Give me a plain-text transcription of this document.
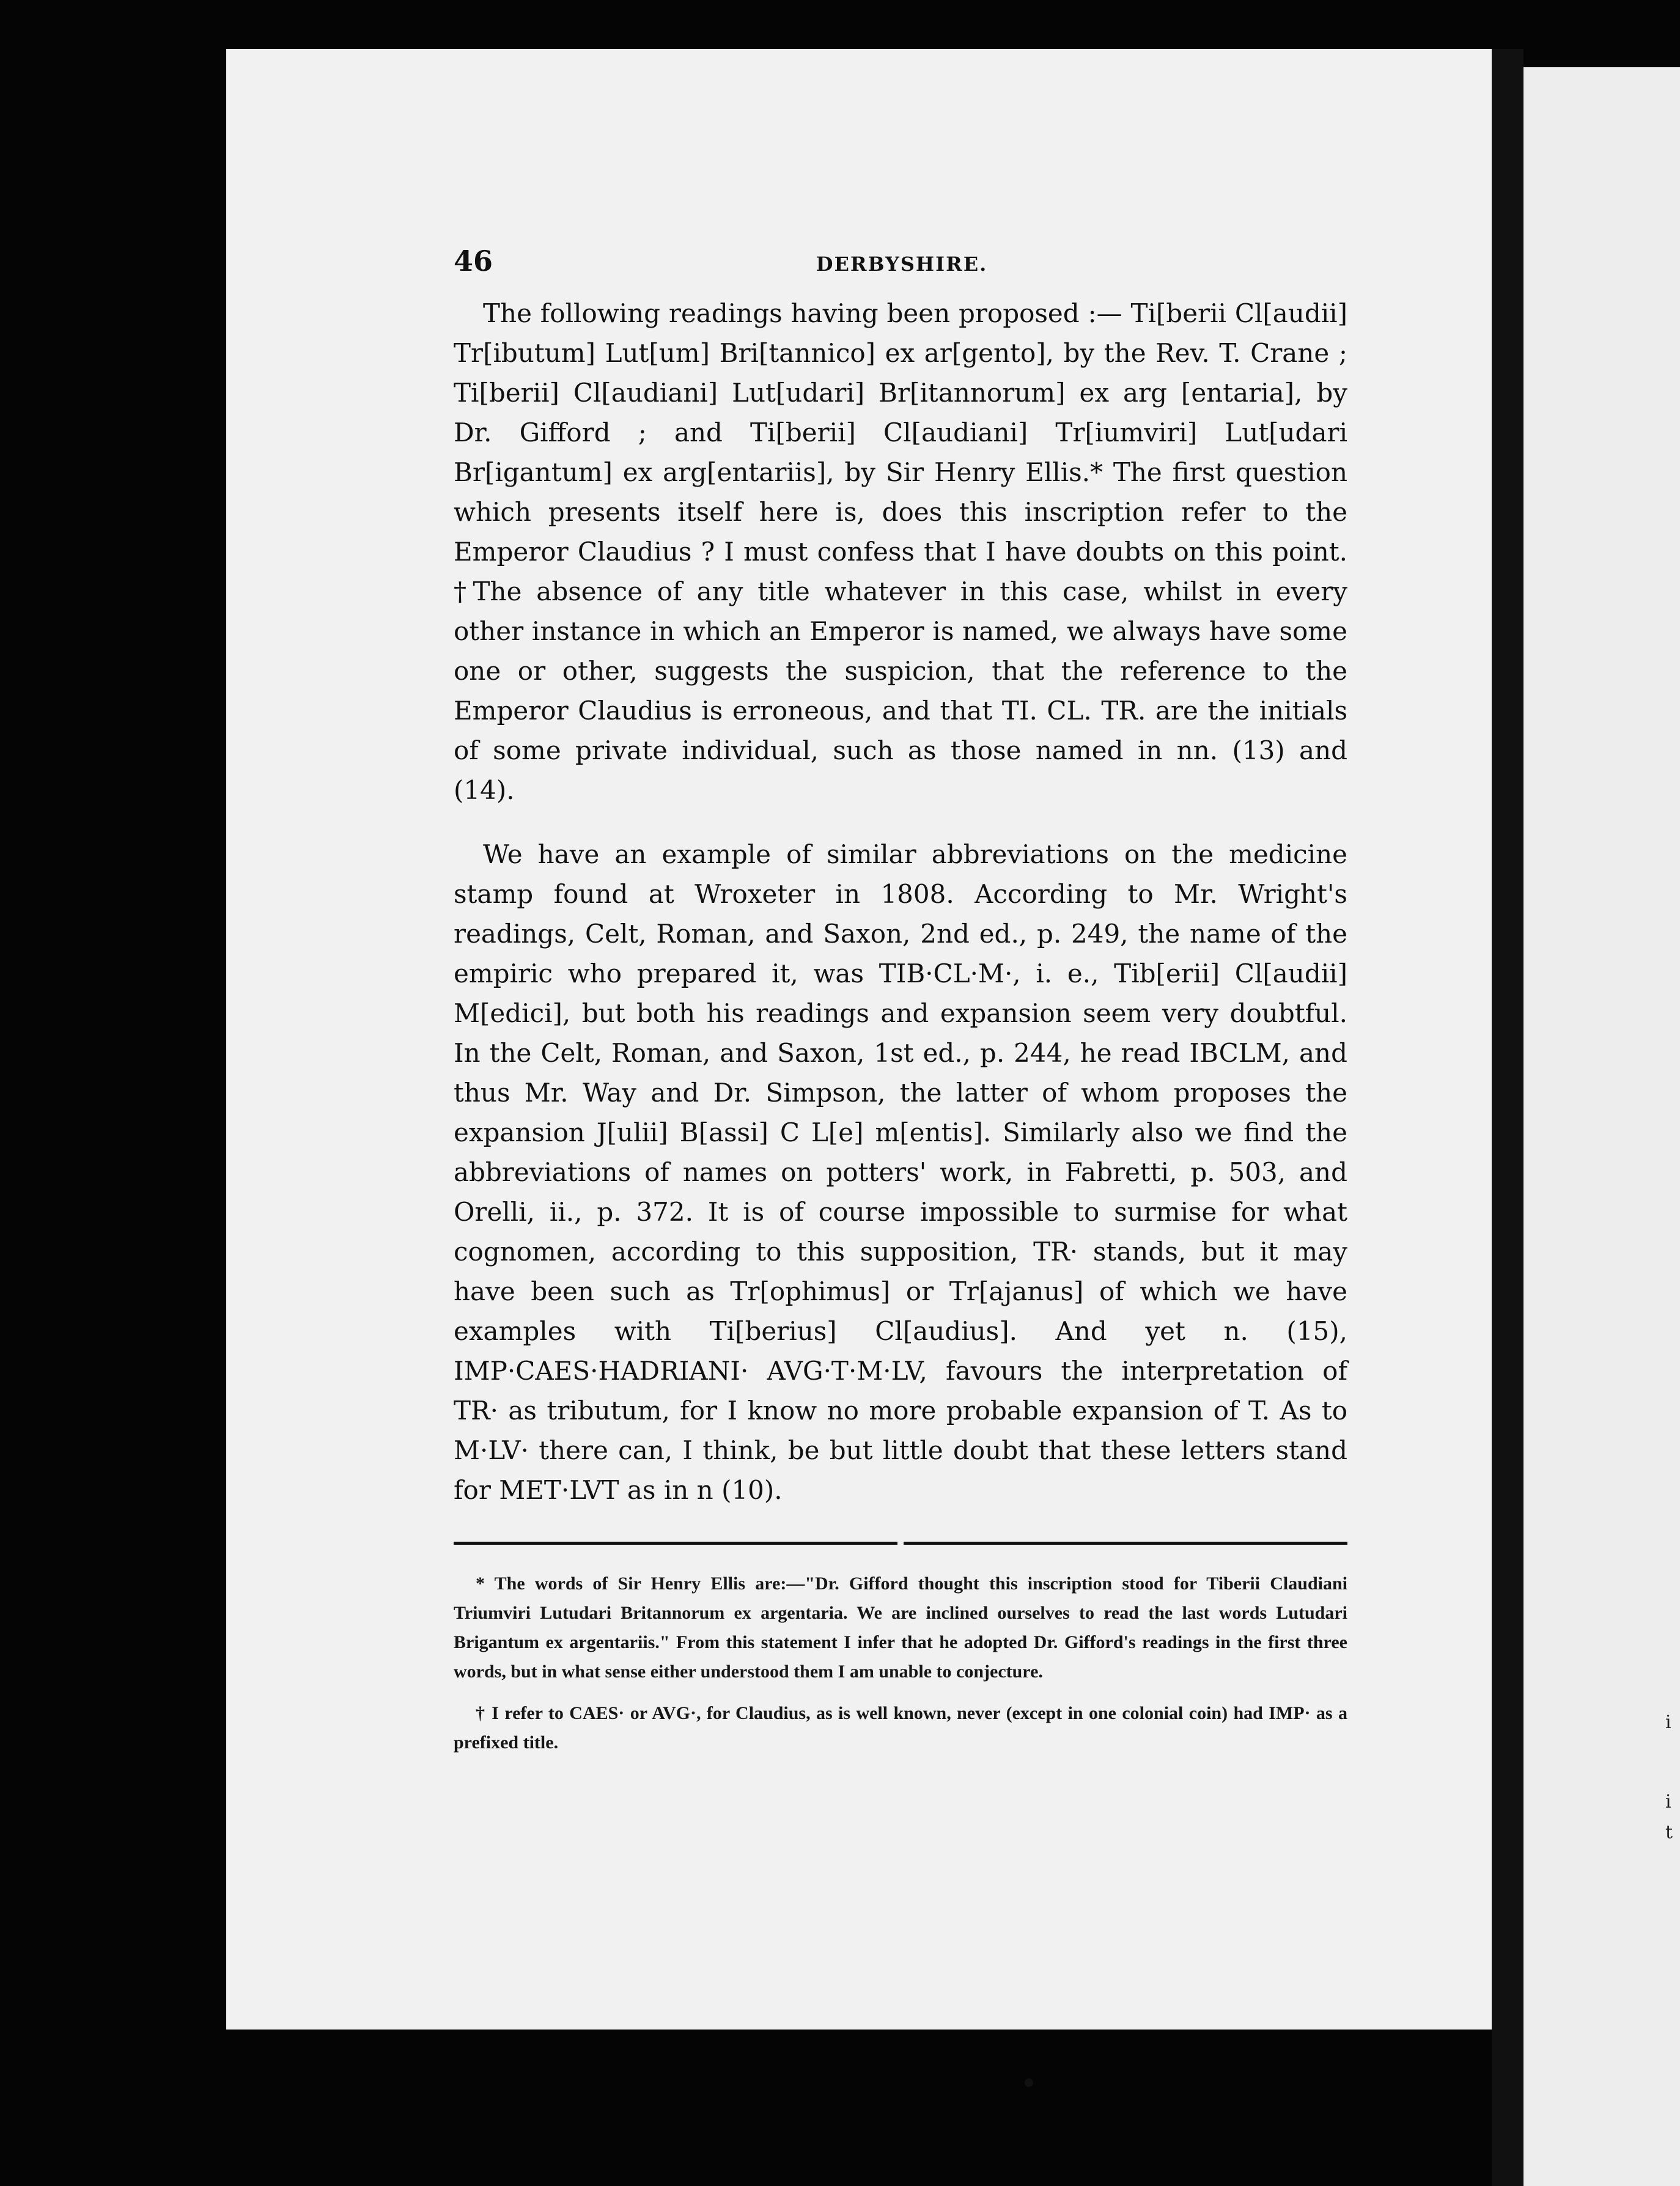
i
i
t
46	DERBYSHIRE.

The following readings having been proposed :— Ti[berii Cl[audii] Tr[ibutum] Lut[um] Bri[tannico] ex ar[gento], by the Rev. T. Crane ; Ti[berii] Cl[audiani] Lut[udari] Br[itannorum] ex arg [entaria], by Dr. Gifford ; and Ti[berii] Cl[audiani] Tr[iumviri] Lut[udari Br[igantum] ex arg[entariis], by Sir Henry Ellis.* The first question which presents itself here is, does this inscription refer to the Emperor Claudius ? I must confess that I have doubts on this point. †The absence of any title whatever in this case, whilst in every other instance in which an Emperor is named, we always have some one or other, suggests the suspicion, that the reference to the Emperor Claudius is erroneous, and that TI. CL. TR. are the initials of some private individual, such as those named in nn. (13) and (14).

We have an example of similar abbreviations on the medicine stamp found at Wroxeter in 1808. According to Mr. Wright's readings, Celt, Roman, and Saxon, 2nd ed., p. 249, the name of the empiric who prepared it, was TIB·CL·M·, i. e., Tib[erii] Cl[audii] M[edici], but both his readings and expansion seem very doubtful. In the Celt, Roman, and Saxon, 1st ed., p. 244, he read IBCLM, and thus Mr. Way and Dr. Simpson, the latter of whom proposes the expansion J[ulii] B[assi] C L[e] m[entis]. Similarly also we find the abbreviations of names on potters' work, in Fabretti, p. 503, and Orelli, ii., p. 372. It is of course impossible to surmise for what cognomen, according to this supposition, TR· stands, but it may have been such as Tr[ophimus] or Tr[ajanus] of which we have examples with Ti[berius] Cl[audius]. And yet n. (15), IMP·CAES·HADRIANI· AVG·T·M·LV, favours the interpretation of TR· as tributum, for I know no more probable expansion of T. As to M·LV· there can, I think, be but little doubt that these letters stand for MET·LVT as in n (10).

* The words of Sir Henry Ellis are:—"Dr. Gifford thought this inscription stood for Tiberii Claudiani Triumviri Lutudari Britannorum ex argentaria. We are inclined ourselves to read the last words Lutudari Brigantum ex argentariis." From this statement I infer that he adopted Dr. Gifford's readings in the first three words, but in what sense either understood them I am unable to conjecture.

† I refer to CAES· or AVG·, for Claudius, as is well known, never (except in one colonial coin) had IMP· as a prefixed title.
